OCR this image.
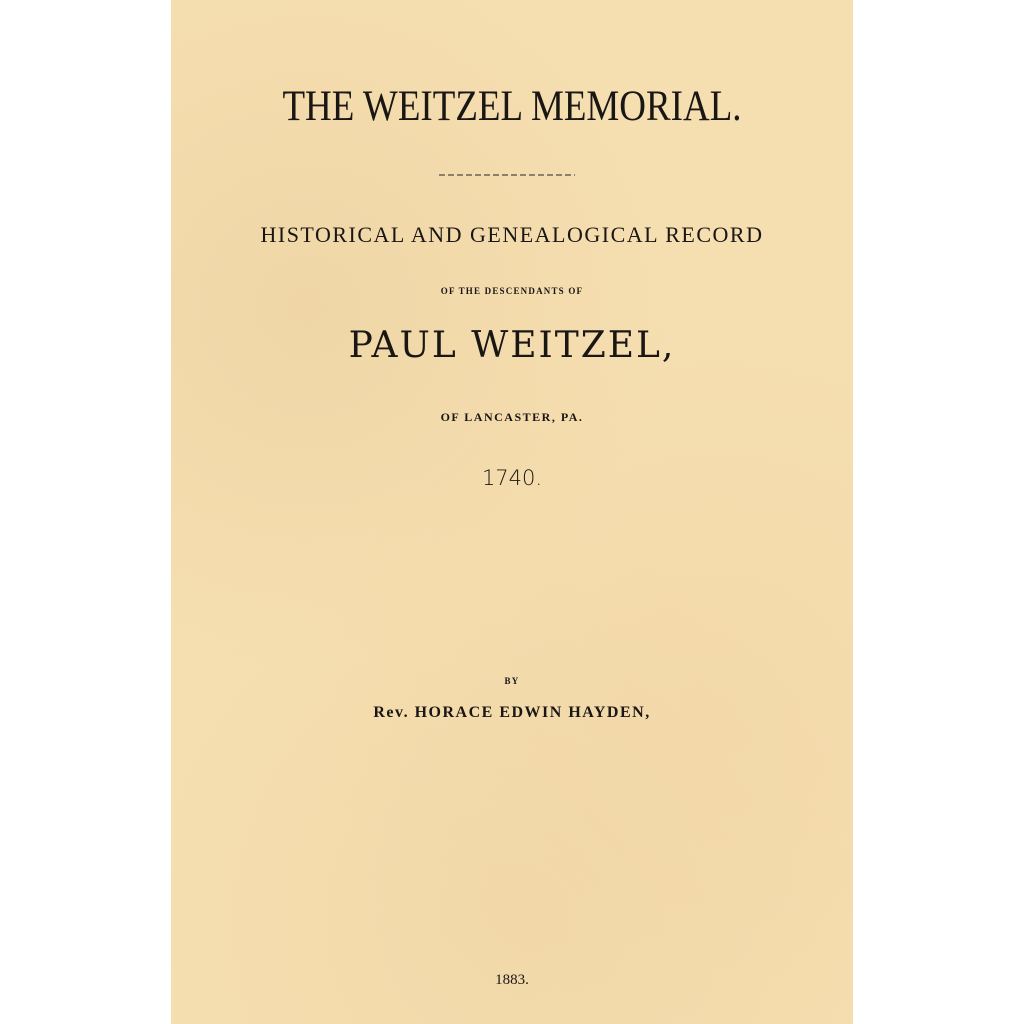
THE WEITZEL MEMORIAL.
HISTORICAL AND GENEALOGICAL RECORD
OF THE DESCENDANTS OF
PAUL WEITZEL,
OF LANCASTER, PA.
1740.
BY
Rev. HORACE EDWIN HAYDEN,
1883.
